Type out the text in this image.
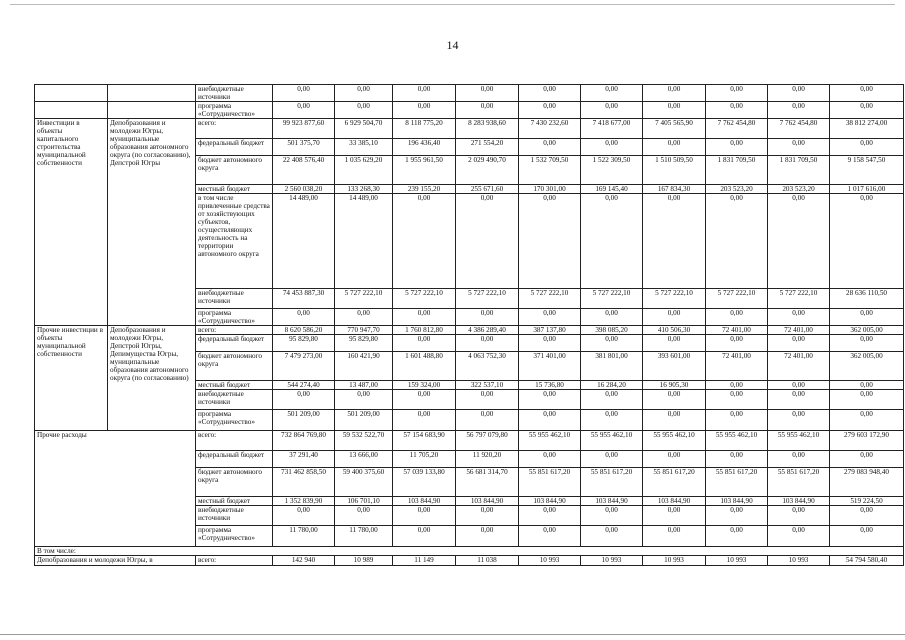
14
		внебюджетные источники	0,00	0,00	0,00	0,00	0,00	0,00	0,00	0,00	0,00	0,00
		программа «Сотрудничество»	0,00	0,00	0,00	0,00	0,00	0,00	0,00	0,00	0,00	0,00
Инвестиции в объекты капитального строительства муниципальной собственности	Депобразования и молодежи Югры, муниципальные образования автономного округа (по согласованию), Депстрой Югры	всего:	99 923 877,60	6 929 504,70	8 118 775,20	8 283 938,60	7 430 232,60	7 418 677,00	7 405 565,90	7 762 454,80	7 762 454,80	38 812 274,00
		федеральный бюджет	501 375,70	33 385,10	196 436,40	271 554,20	0,00	0,00	0,00	0,00	0,00	0,00
		бюджет автономного округа	22 408 576,40	1 035 629,20	1 955 961,50	2 029 490,70	1 532 709,50	1 522 309,50	1 510 509,50	1 831 709,50	1 831 709,50	9 158 547,50
		местный бюджет	2 560 038,20	133 268,30	239 155,20	255 671,60	170 301,00	169 145,40	167 834,30	203 523,20	203 523,20	1 017 616,00
		в том числе привлеченные средства от хозяйствующих субъектов, осуществляющих деятельность на территории автономного округа	14 489,00	14 489,00	0,00	0,00	0,00	0,00	0,00	0,00	0,00	0,00
		внебюджетные источники	74 453 887,30	5 727 222,10	5 727 222,10	5 727 222,10	5 727 222,10	5 727 222,10	5 727 222,10	5 727 222,10	5 727 222,10	28 636 110,50
		программа «Сотрудничество»	0,00	0,00	0,00	0,00	0,00	0,00	0,00	0,00	0,00	0,00
Прочие инвестиции в объекты муниципальной собственности	Депобразования и молодежи Югры, Депстрой Югры, Депимущества Югры, муниципальные образования автономного округа (по согласованию)	всего:	8 620 586,20	770 947,70	1 760 812,80	4 386 289,40	387 137,80	398 085,20	410 506,30	72 401,00	72 401,00	362 005,00
		федеральный бюджет	95 829,80	95 829,80	0,00	0,00	0,00	0,00	0,00	0,00	0,00	0,00
		бюджет автономного округа	7 479 273,00	160 421,90	1 601 488,80	4 063 752,30	371 401,00	381 801,00	393 601,00	72 401,00	72 401,00	362 005,00
		местный бюджет	544 274,40	13 487,00	159 324,00	322 537,10	15 736,80	16 284,20	16 905,30	0,00	0,00	0,00
		внебюджетные источники	0,00	0,00	0,00	0,00	0,00	0,00	0,00	0,00	0,00	0,00
		программа «Сотрудничество»	501 209,00	501 209,00	0,00	0,00	0,00	0,00	0,00	0,00	0,00	0,00
Прочие расходы		всего:	732 864 769,80	59 532 522,70	57 154 683,90	56 797 079,80	55 955 462,10	55 955 462,10	55 955 462,10	55 955 462,10	55 955 462,10	279 603 172,90
		федеральный бюджет	37 291,40	13 666,00	11 705,20	11 920,20	0,00	0,00	0,00	0,00	0,00	0,00
		бюджет автономного округа	731 462 858,50	59 400 375,60	57 039 133,80	56 681 314,70	55 851 617,20	55 851 617,20	55 851 617,20	55 851 617,20	55 851 617,20	279 083 948,40
		местный бюджет	1 352 839,90	106 701,10	103 844,90	103 844,90	103 844,90	103 844,90	103 844,90	103 844,90	103 844,90	519 224,50
		внебюджетные источники	0,00	0,00	0,00	0,00	0,00	0,00	0,00	0,00	0,00	0,00
		программа «Сотрудничество»	11 780,00	11 780,00	0,00	0,00	0,00	0,00	0,00	0,00	0,00	0,00
В том числе:												
Депобразования и молодежи Югры, в		всего:	142 940	10 989	11 149	11 038	10 993	10 993	10 993	10 993	10 993	54 794 580,40
